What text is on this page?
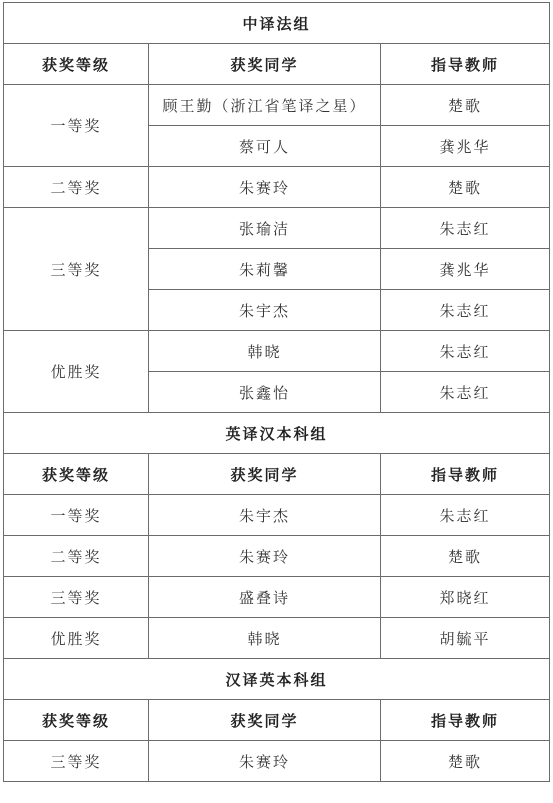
中译法组		
获奖等级	获奖同学	指导教师
一等奖	顾王勤（浙江省笔译之星）	楚歌
	蔡可人	龚兆华
二等奖	朱赛玲	楚歌
三等奖	张瑜洁	朱志红
	朱莉馨	龚兆华
	朱宇杰	朱志红
优胜奖	韩晓	朱志红
	张鑫怡	朱志红
英译汉本科组		
获奖等级	获奖同学	指导教师
一等奖	朱宇杰	朱志红
二等奖	朱赛玲	楚歌
三等奖	盛叠诗	郑晓红
优胜奖	韩晓	胡毓平
汉译英本科组		
获奖等级	获奖同学	指导教师
三等奖	朱赛玲	楚歌
